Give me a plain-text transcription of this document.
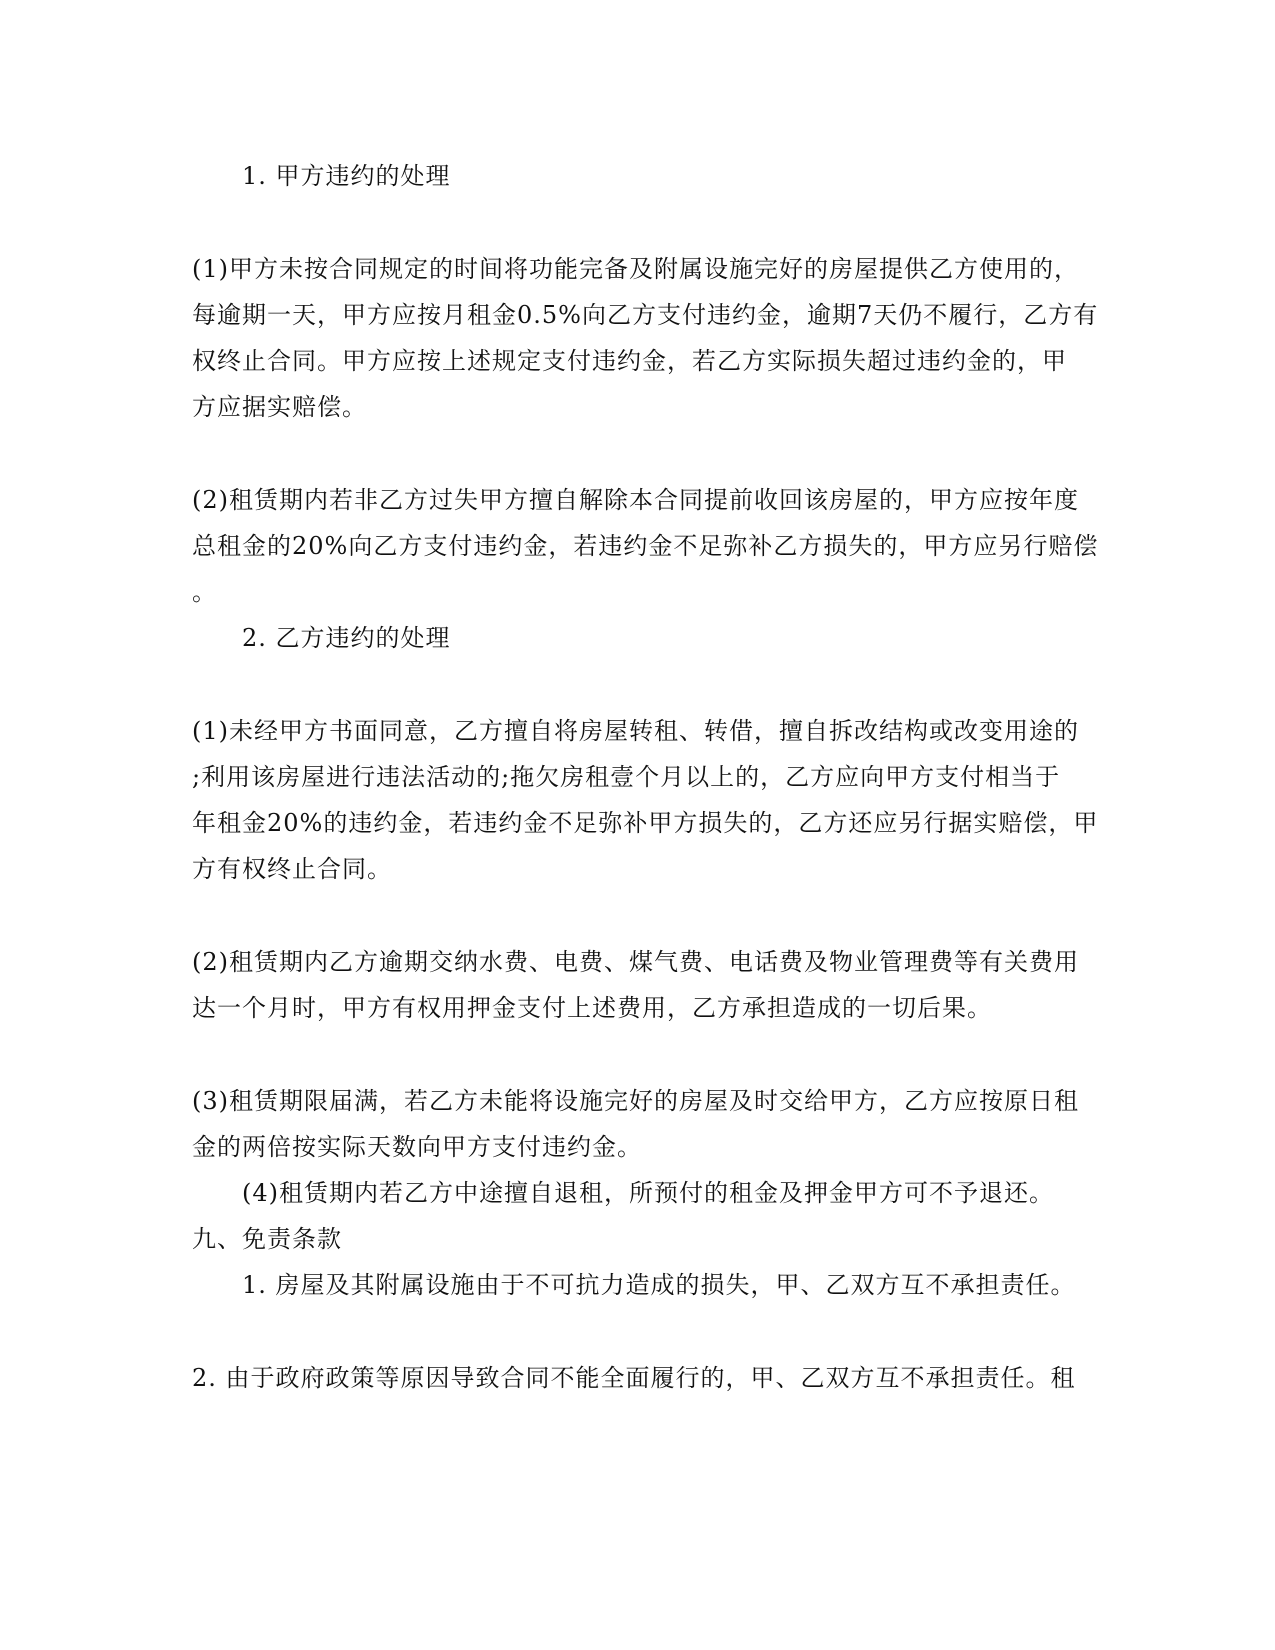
1. 甲方违约的处理
(1)甲方未按合同规定的时间将功能完备及附属设施完好的房屋提供乙方使用的，
每逾期一天，甲方应按月租金0.5%向乙方支付违约金，逾期7天仍不履行，乙方有
权终止合同。甲方应按上述规定支付违约金，若乙方实际损失超过违约金的，甲
方应据实赔偿。
(2)租赁期内若非乙方过失甲方擅自解除本合同提前收回该房屋的，甲方应按年度
总租金的20%向乙方支付违约金，若违约金不足弥补乙方损失的，甲方应另行赔偿
。
2. 乙方违约的处理
(1)未经甲方书面同意，乙方擅自将房屋转租、转借，擅自拆改结构或改变用途的
;利用该房屋进行违法活动的;拖欠房租壹个月以上的，乙方应向甲方支付相当于
年租金20%的违约金，若违约金不足弥补甲方损失的，乙方还应另行据实赔偿，甲
方有权终止合同。
(2)租赁期内乙方逾期交纳水费、电费、煤气费、电话费及物业管理费等有关费用
达一个月时，甲方有权用押金支付上述费用，乙方承担造成的一切后果。
(3)租赁期限届满，若乙方未能将设施完好的房屋及时交给甲方，乙方应按原日租
金的两倍按实际天数向甲方支付违约金。
(4)租赁期内若乙方中途擅自退租，所预付的租金及押金甲方可不予退还。
九、免责条款
1. 房屋及其附属设施由于不可抗力造成的损失，甲、乙双方互不承担责任。
2. 由于政府政策等原因导致合同不能全面履行的，甲、乙双方互不承担责任。租
